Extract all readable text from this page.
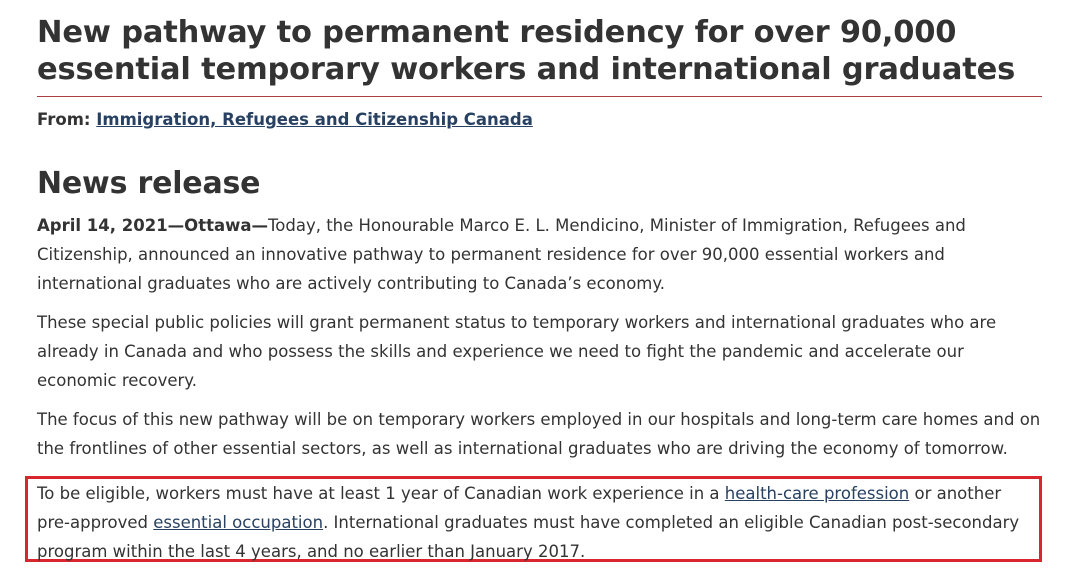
New pathway to permanent residency for over 90,000 essential temporary workers and international graduates
From: Immigration, Refugees and Citizenship Canada
News release

April 14, 2021—Ottawa—Today, the Honourable Marco E. L. Mendicino, Minister of Immigration, Refugees and Citizenship, announced an innovative pathway to permanent residence for over 90,000 essential workers and international graduates who are actively contributing to Canada’s economy.

These special public policies will grant permanent status to temporary workers and international graduates who are already in Canada and who possess the skills and experience we need to fight the pandemic and accelerate our economic recovery.

The focus of this new pathway will be on temporary workers employed in our hospitals and long-term care homes and on the frontlines of other essential sectors, as well as international graduates who are driving the economy of tomorrow.

To be eligible, workers must have at least 1 year of Canadian work experience in a health-care profession or another pre-approved essential occupation. International graduates must have completed an eligible Canadian post-secondary program within the last 4 years, and no earlier than January 2017.
